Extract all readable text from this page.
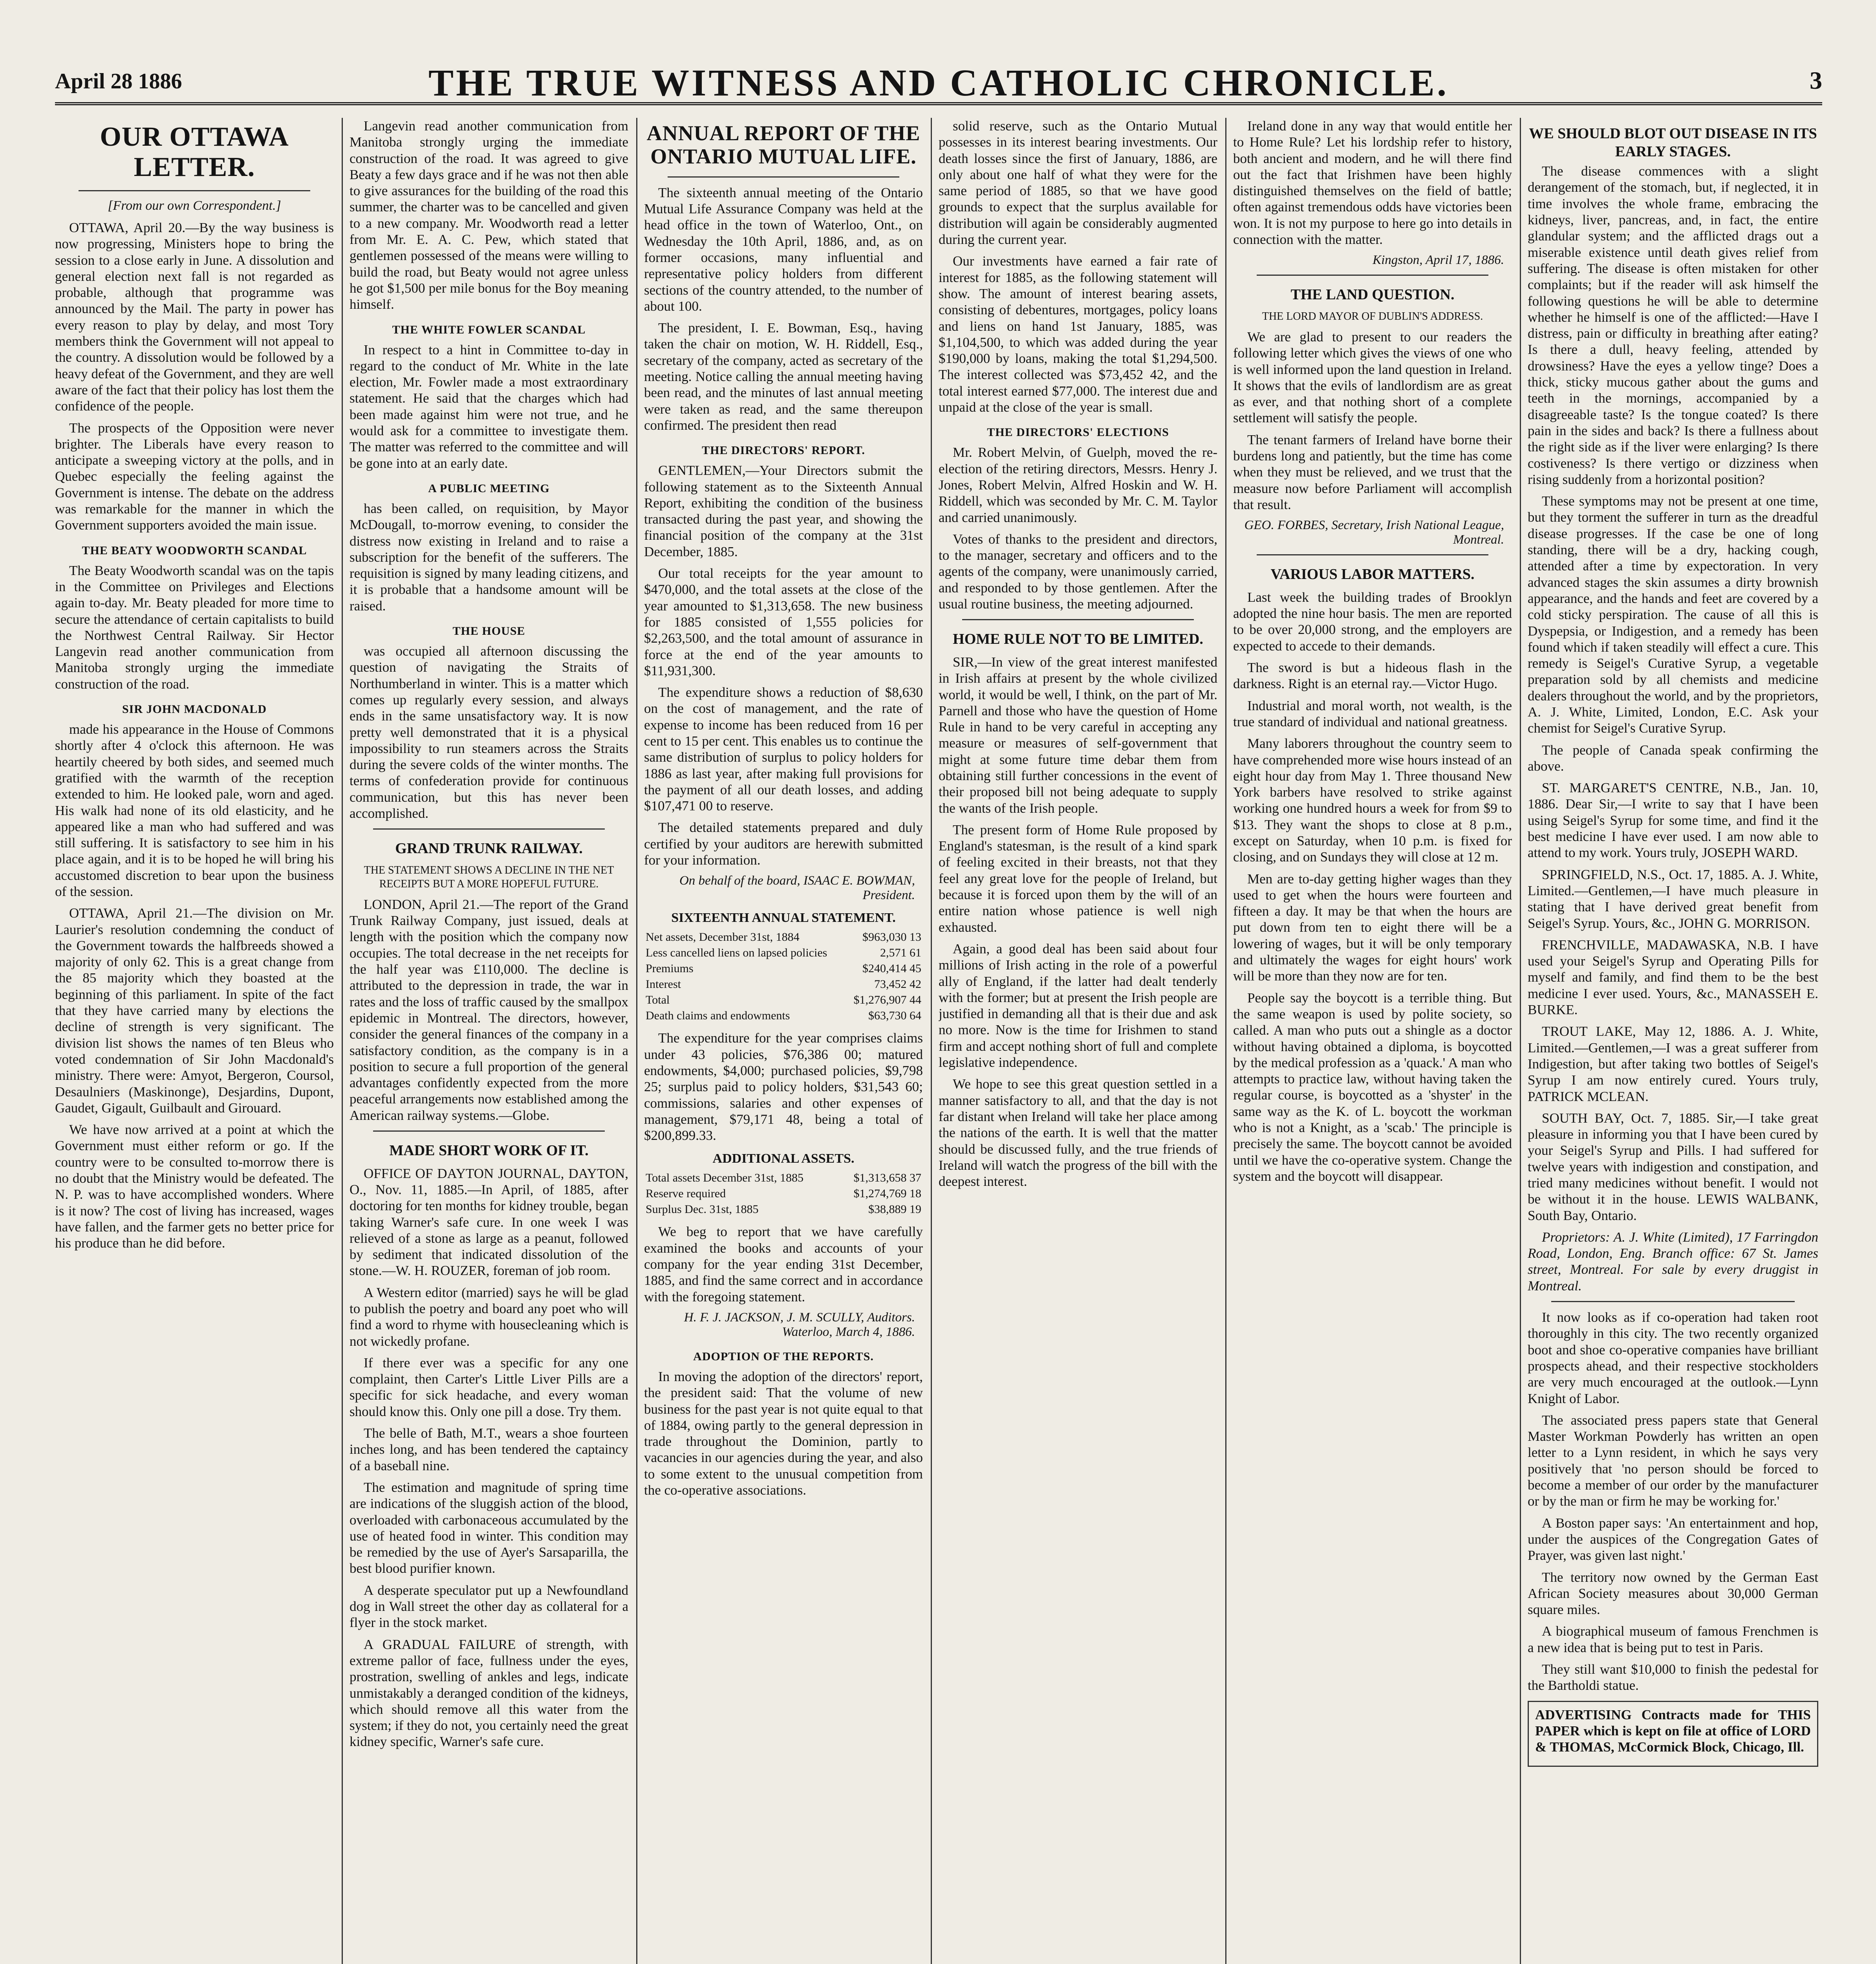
April 28 1886	THE TRUE WITNESS AND CATHOLIC CHRONICLE.	3
OUR OTTAWA LETTER.
[From our own Correspondent.]

OTTAWA, April 20.—By the way business is now progressing, Ministers hope to bring the session to a close early in June. A dissolution and general election next fall is not regarded as probable, although that programme was announced by the Mail. The party in power has every reason to play by delay, and most Tory members think the Government will not appeal to the country. A dissolution would be followed by a heavy defeat of the Government, and they are well aware of the fact that their policy has lost them the confidence of the people.

The prospects of the Opposition were never brighter. The Liberals have every reason to anticipate a sweeping victory at the polls, and in Quebec especially the feeling against the Government is intense. The debate on the address was remarkable for the manner in which the Government supporters avoided the main issue.

THE BEATY WOODWORTH SCANDAL

The Beaty Woodworth scandal was on the tapis in the Committee on Privileges and Elections again to-day. Mr. Beaty pleaded for more time to secure the attendance of certain capitalists to build the Northwest Central Railway. Sir Hector Langevin read another communication from Manitoba strongly urging the immediate construction of the road.

SIR JOHN MACDONALD

made his appearance in the House of Commons shortly after 4 o'clock this afternoon. He was heartily cheered by both sides, and seemed much gratified with the warmth of the reception extended to him. He looked pale, worn and aged. His walk had none of its old elasticity, and he appeared like a man who had suffered and was still suffering. It is satisfactory to see him in his place again, and it is to be hoped he will bring his accustomed discretion to bear upon the business of the session.

OTTAWA, April 21.—The division on Mr. Laurier's resolution condemning the conduct of the Government towards the halfbreeds showed a majority of only 62. This is a great change from the 85 majority which they boasted at the beginning of this parliament. In spite of the fact that they have carried many by elections the decline of strength is very significant. The division list shows the names of ten Bleus who voted condemnation of Sir John Macdonald's ministry. There were: Amyot, Bergeron, Coursol, Desaulniers (Maskinonge), Desjardins, Dupont, Gaudet, Gigault, Guilbault and Girouard.

We have now arrived at a point at which the Government must either reform or go. If the country were to be consulted to-morrow there is no doubt that the Ministry would be defeated. The N. P. was to have accomplished wonders. Where is it now? The cost of living has increased, wages have fallen, and the farmer gets no better price for his produce than he did before.

Langevin read another communication from Manitoba strongly urging the immediate construction of the road. It was agreed to give Beaty a few days grace and if he was not then able to give assurances for the building of the road this summer, the charter was to be cancelled and given to a new company. Mr. Woodworth read a letter from Mr. E. A. C. Pew, which stated that gentlemen possessed of the means were willing to build the road, but Beaty would not agree unless he got $1,500 per mile bonus for the Boy meaning himself.

THE WHITE FOWLER SCANDAL

In respect to a hint in Committee to-day in regard to the conduct of Mr. White in the late election, Mr. Fowler made a most extraordinary statement. He said that the charges which had been made against him were not true, and he would ask for a committee to investigate them. The matter was referred to the committee and will be gone into at an early date.

A PUBLIC MEETING

has been called, on requisition, by Mayor McDougall, to-morrow evening, to consider the distress now existing in Ireland and to raise a subscription for the benefit of the sufferers. The requisition is signed by many leading citizens, and it is probable that a handsome amount will be raised.

THE HOUSE

was occupied all afternoon discussing the question of navigating the Straits of Northumberland in winter. This is a matter which comes up regularly every session, and always ends in the same unsatisfactory way. It is now pretty well demonstrated that it is a physical impossibility to run steamers across the Straits during the severe colds of the winter months. The terms of confederation provide for continuous communication, but this has never been accomplished.

GRAND TRUNK RAILWAY.
THE STATEMENT SHOWS A DECLINE IN THE NET RECEIPTS BUT A MORE HOPEFUL FUTURE.

LONDON, April 21.—The report of the Grand Trunk Railway Company, just issued, deals at length with the position which the company now occupies. The total decrease in the net receipts for the half year was £110,000. The decline is attributed to the depression in trade, the war in rates and the loss of traffic caused by the smallpox epidemic in Montreal. The directors, however, consider the general finances of the company in a satisfactory condition, as the company is in a position to secure a full proportion of the general advantages confidently expected from the more peaceful arrangements now established among the American railway systems.—Globe.

MADE SHORT WORK OF IT.

OFFICE OF DAYTON JOURNAL, DAYTON, O., Nov. 11, 1885.—In April, of 1885, after doctoring for ten months for kidney trouble, began taking Warner's safe cure. In one week I was relieved of a stone as large as a peanut, followed by sediment that indicated dissolution of the stone.—W. H. ROUZER, foreman of job room.

A Western editor (married) says he will be glad to publish the poetry and board any poet who will find a word to rhyme with housecleaning which is not wickedly profane.

If there ever was a specific for any one complaint, then Carter's Little Liver Pills are a specific for sick headache, and every woman should know this. Only one pill a dose. Try them.

The belle of Bath, M.T., wears a shoe fourteen inches long, and has been tendered the captaincy of a baseball nine.

The estimation and magnitude of spring time are indications of the sluggish action of the blood, overloaded with carbonaceous accumulated by the use of heated food in winter. This condition may be remedied by the use of Ayer's Sarsaparilla, the best blood purifier known.

A desperate speculator put up a Newfoundland dog in Wall street the other day as collateral for a flyer in the stock market.

A GRADUAL FAILURE of strength, with extreme pallor of face, fullness under the eyes, prostration, swelling of ankles and legs, indicate unmistakably a deranged condition of the kidneys, which should remove all this water from the system; if they do not, you certainly need the great kidney specific, Warner's safe cure.

ANNUAL REPORT OF THE ONTARIO MUTUAL LIFE.

The sixteenth annual meeting of the Ontario Mutual Life Assurance Company was held at the head office in the town of Waterloo, Ont., on Wednesday the 10th April, 1886, and, as on former occasions, many influential and representative policy holders from different sections of the country attended, to the number of about 100.

The president, I. E. Bowman, Esq., having taken the chair on motion, W. H. Riddell, Esq., secretary of the company, acted as secretary of the meeting. Notice calling the annual meeting having been read, and the minutes of last annual meeting were taken as read, and the same thereupon confirmed. The president then read

THE DIRECTORS' REPORT.

GENTLEMEN,—Your Directors submit the following statement as to the Sixteenth Annual Report, exhibiting the condition of the business transacted during the past year, and showing the financial position of the company at the 31st December, 1885.

Our total receipts for the year amount to $470,000, and the total assets at the close of the year amounted to $1,313,658. The new business for 1885 consisted of 1,555 policies for $2,263,500, and the total amount of assurance in force at the end of the year amounts to $11,931,300.

The expenditure shows a reduction of $8,630 on the cost of management, and the rate of expense to income has been reduced from 16 per cent to 15 per cent. This enables us to continue the same distribution of surplus to policy holders for 1886 as last year, after making full provisions for the payment of all our death losses, and adding $107,471 00 to reserve.

The detailed statements prepared and duly certified by your auditors are herewith submitted for your information.

On behalf of the board, ISAAC E. BOWMAN, President.
SIXTEENTH ANNUAL STATEMENT.
Net assets, December 31st, 1884	$963,030 13
Less cancelled liens on lapsed policies	2,571 61
Premiums	$240,414 45
Interest	73,452 42
Total	$1,276,907 44
Death claims and endowments	$63,730 64

The expenditure for the year comprises claims under 43 policies, $76,386 00; matured endowments, $4,000; purchased policies, $9,798 25; surplus paid to policy holders, $31,543 60; commissions, salaries and other expenses of management, $79,171 48, being a total of $200,899.33.

ADDITIONAL ASSETS.
Total assets December 31st, 1885	$1,313,658 37
Reserve required	$1,274,769 18
Surplus Dec. 31st, 1885	$38,889 19

We beg to report that we have carefully examined the books and accounts of your company for the year ending 31st December, 1885, and find the same correct and in accordance with the foregoing statement.

H. F. J. JACKSON, J. M. SCULLY, Auditors. Waterloo, March 4, 1886.
ADOPTION OF THE REPORTS.

In moving the adoption of the directors' report, the president said: That the volume of new business for the past year is not quite equal to that of 1884, owing partly to the general depression in trade throughout the Dominion, partly to vacancies in our agencies during the year, and also to some extent to the unusual competition from the co-operative associations.

solid reserve, such as the Ontario Mutual possesses in its interest bearing investments. Our death losses since the first of January, 1886, are only about one half of what they were for the same period of 1885, so that we have good grounds to expect that the surplus available for distribution will again be considerably augmented during the current year.

Our investments have earned a fair rate of interest for 1885, as the following statement will show. The amount of interest bearing assets, consisting of debentures, mortgages, policy loans and liens on hand 1st January, 1885, was $1,104,500, to which was added during the year $190,000 by loans, making the total $1,294,500. The interest collected was $73,452 42, and the total interest earned $77,000. The interest due and unpaid at the close of the year is small.

THE DIRECTORS' ELECTIONS

Mr. Robert Melvin, of Guelph, moved the re-election of the retiring directors, Messrs. Henry J. Jones, Robert Melvin, Alfred Hoskin and W. H. Riddell, which was seconded by Mr. C. M. Taylor and carried unanimously.

Votes of thanks to the president and directors, to the manager, secretary and officers and to the agents of the company, were unanimously carried, and responded to by those gentlemen. After the usual routine business, the meeting adjourned.

HOME RULE NOT TO BE LIMITED.

SIR,—In view of the great interest manifested in Irish affairs at present by the whole civilized world, it would be well, I think, on the part of Mr. Parnell and those who have the question of Home Rule in hand to be very careful in accepting any measure or measures of self-government that might at some future time debar them from obtaining still further concessions in the event of their proposed bill not being adequate to supply the wants of the Irish people.

The present form of Home Rule proposed by England's statesman, is the result of a kind spark of feeling excited in their breasts, not that they feel any great love for the people of Ireland, but because it is forced upon them by the will of an entire nation whose patience is well nigh exhausted.

Again, a good deal has been said about four millions of Irish acting in the role of a powerful ally of England, if the latter had dealt tenderly with the former; but at present the Irish people are justified in demanding all that is their due and ask no more. Now is the time for Irishmen to stand firm and accept nothing short of full and complete legislative independence.

We hope to see this great question settled in a manner satisfactory to all, and that the day is not far distant when Ireland will take her place among the nations of the earth. It is well that the matter should be discussed fully, and the true friends of Ireland will watch the progress of the bill with the deepest interest.

Ireland done in any way that would entitle her to Home Rule? Let his lordship refer to history, both ancient and modern, and he will there find out the fact that Irishmen have been highly distinguished themselves on the field of battle; often against tremendous odds have victories been won. It is not my purpose to here go into details in connection with the matter.

Kingston, April 17, 1886.
THE LAND QUESTION.
THE LORD MAYOR OF DUBLIN'S ADDRESS.

We are glad to present to our readers the following letter which gives the views of one who is well informed upon the land question in Ireland. It shows that the evils of landlordism are as great as ever, and that nothing short of a complete settlement will satisfy the people.

The tenant farmers of Ireland have borne their burdens long and patiently, but the time has come when they must be relieved, and we trust that the measure now before Parliament will accomplish that result.

GEO. FORBES, Secretary, Irish National League, Montreal.
VARIOUS LABOR MATTERS.

Last week the building trades of Brooklyn adopted the nine hour basis. The men are reported to be over 20,000 strong, and the employers are expected to accede to their demands.

The sword is but a hideous flash in the darkness. Right is an eternal ray.—Victor Hugo.

Industrial and moral worth, not wealth, is the true standard of individual and national greatness.

Many laborers throughout the country seem to have comprehended more wise hours instead of an eight hour day from May 1. Three thousand New York barbers have resolved to strike against working one hundred hours a week for from $9 to $13. They want the shops to close at 8 p.m., except on Saturday, when 10 p.m. is fixed for closing, and on Sundays they will close at 12 m.

Men are to-day getting higher wages than they used to get when the hours were fourteen and fifteen a day. It may be that when the hours are put down from ten to eight there will be a lowering of wages, but it will be only temporary and ultimately the wages for eight hours' work will be more than they now are for ten.

People say the boycott is a terrible thing. But the same weapon is used by polite society, so called. A man who puts out a shingle as a doctor without having obtained a diploma, is boycotted by the medical profession as a 'quack.' A man who attempts to practice law, without having taken the regular course, is boycotted as a 'shyster' in the same way as the K. of L. boycott the workman who is not a Knight, as a 'scab.' The principle is precisely the same. The boycott cannot be avoided until we have the co-operative system. Change the system and the boycott will disappear.

WE SHOULD BLOT OUT DISEASE IN ITS EARLY STAGES.

The disease commences with a slight derangement of the stomach, but, if neglected, it in time involves the whole frame, embracing the kidneys, liver, pancreas, and, in fact, the entire glandular system; and the afflicted drags out a miserable existence until death gives relief from suffering. The disease is often mistaken for other complaints; but if the reader will ask himself the following questions he will be able to determine whether he himself is one of the afflicted:—Have I distress, pain or difficulty in breathing after eating? Is there a dull, heavy feeling, attended by drowsiness? Have the eyes a yellow tinge? Does a thick, sticky mucous gather about the gums and teeth in the mornings, accompanied by a disagreeable taste? Is the tongue coated? Is there pain in the sides and back? Is there a fullness about the right side as if the liver were enlarging? Is there costiveness? Is there vertigo or dizziness when rising suddenly from a horizontal position?

These symptoms may not be present at one time, but they torment the sufferer in turn as the dreadful disease progresses. If the case be one of long standing, there will be a dry, hacking cough, attended after a time by expectoration. In very advanced stages the skin assumes a dirty brownish appearance, and the hands and feet are covered by a cold sticky perspiration. The cause of all this is Dyspepsia, or Indigestion, and a remedy has been found which if taken steadily will effect a cure. This remedy is Seigel's Curative Syrup, a vegetable preparation sold by all chemists and medicine dealers throughout the world, and by the proprietors, A. J. White, Limited, London, E.C. Ask your chemist for Seigel's Curative Syrup.

The people of Canada speak confirming the above.

ST. MARGARET'S CENTRE, N.B., Jan. 10, 1886. Dear Sir,—I write to say that I have been using Seigel's Syrup for some time, and find it the best medicine I have ever used. I am now able to attend to my work. Yours truly, JOSEPH WARD.

SPRINGFIELD, N.S., Oct. 17, 1885. A. J. White, Limited.—Gentlemen,—I have much pleasure in stating that I have derived great benefit from Seigel's Syrup. Yours, &c., JOHN G. MORRISON.

FRENCHVILLE, MADAWASKA, N.B. I have used your Seigel's Syrup and Operating Pills for myself and family, and find them to be the best medicine I ever used. Yours, &c., MANASSEH E. BURKE.

TROUT LAKE, May 12, 1886. A. J. White, Limited.—Gentlemen,—I was a great sufferer from Indigestion, but after taking two bottles of Seigel's Syrup I am now entirely cured. Yours truly, PATRICK MCLEAN.

SOUTH BAY, Oct. 7, 1885. Sir,—I take great pleasure in informing you that I have been cured by your Seigel's Syrup and Pills. I had suffered for twelve years with indigestion and constipation, and tried many medicines without benefit. I would not be without it in the house. LEWIS WALBANK, South Bay, Ontario.

Proprietors: A. J. White (Limited), 17 Farringdon Road, London, Eng. Branch office: 67 St. James street, Montreal. For sale by every druggist in Montreal.

It now looks as if co-operation had taken root thoroughly in this city. The two recently organized boot and shoe co-operative companies have brilliant prospects ahead, and their respective stockholders are very much encouraged at the outlook.—Lynn Knight of Labor.

The associated press papers state that General Master Workman Powderly has written an open letter to a Lynn resident, in which he says very positively that 'no person should be forced to become a member of our order by the manufacturer or by the man or firm he may be working for.'

A Boston paper says: 'An entertainment and hop, under the auspices of the Congregation Gates of Prayer, was given last night.'

The territory now owned by the German East African Society measures about 30,000 German square miles.

A biographical museum of famous Frenchmen is a new idea that is being put to test in Paris.

They still want $10,000 to finish the pedestal for the Bartholdi statue.

ADVERTISING Contracts made for THIS PAPER which is kept on file at office of LORD & THOMAS, McCormick Block, Chicago, Ill.
